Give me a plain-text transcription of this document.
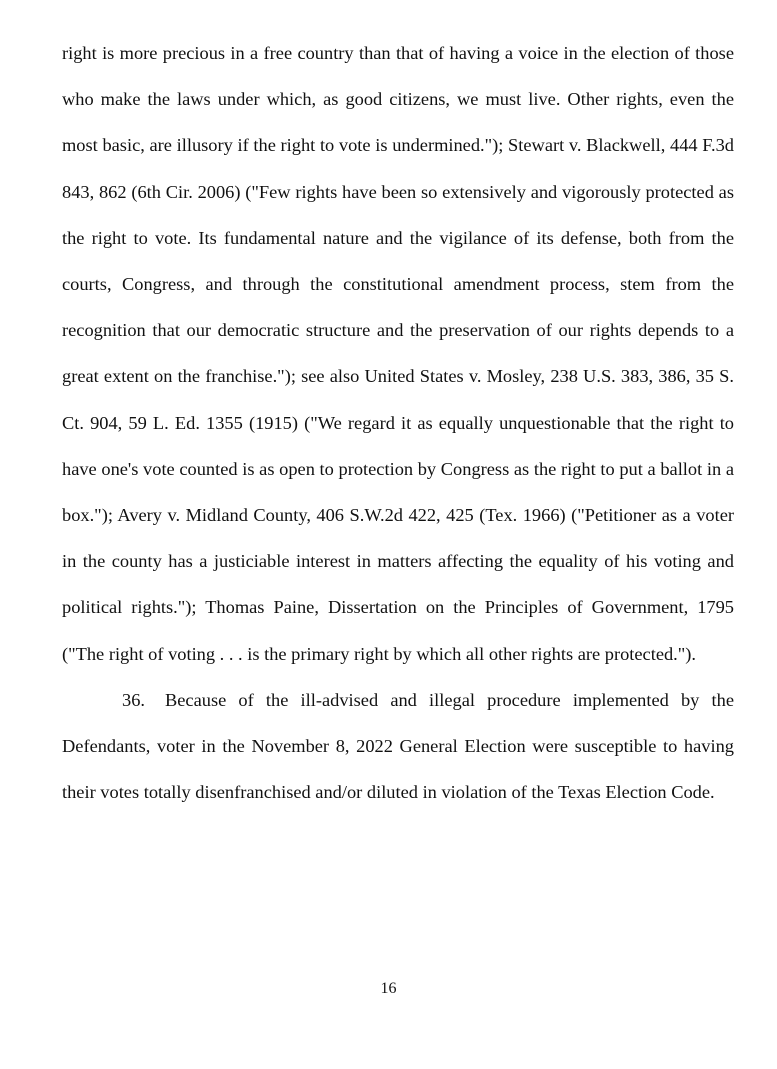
right is more precious in a free country than that of having a voice in the election of those who make the laws under which, as good citizens, we must live. Other rights, even the most basic, are illusory if the right to vote is undermined."); Stewart v. Blackwell, 444 F.3d 843, 862 (6th Cir. 2006) ("Few rights have been so extensively and vigorously protected as the right to vote. Its fundamental nature and the vigilance of its defense, both from the courts, Congress, and through the constitutional amendment process, stem from the recognition that our democratic structure and the preservation of our rights depends to a great extent on the franchise."); see also United States v. Mosley, 238 U.S. 383, 386, 35 S. Ct. 904, 59 L. Ed. 1355 (1915) ("We regard it as equally unquestionable that the right to have one's vote counted is as open to protection by Congress as the right to put a ballot in a box."); Avery v. Midland County, 406 S.W.2d 422, 425 (Tex. 1966) ("Petitioner as a voter in the county has a justiciable interest in matters affecting the equality of his voting and political rights."); Thomas Paine, Dissertation on the Principles of Government, 1795 ("The right of voting . . . is the primary right by which all other rights are protected.").

36. Because of the ill-advised and illegal procedure implemented by the Defendants, voter in the November 8, 2022 General Election were susceptible to having their votes totally disenfranchised and/or diluted in violation of the Texas Election Code.

16
